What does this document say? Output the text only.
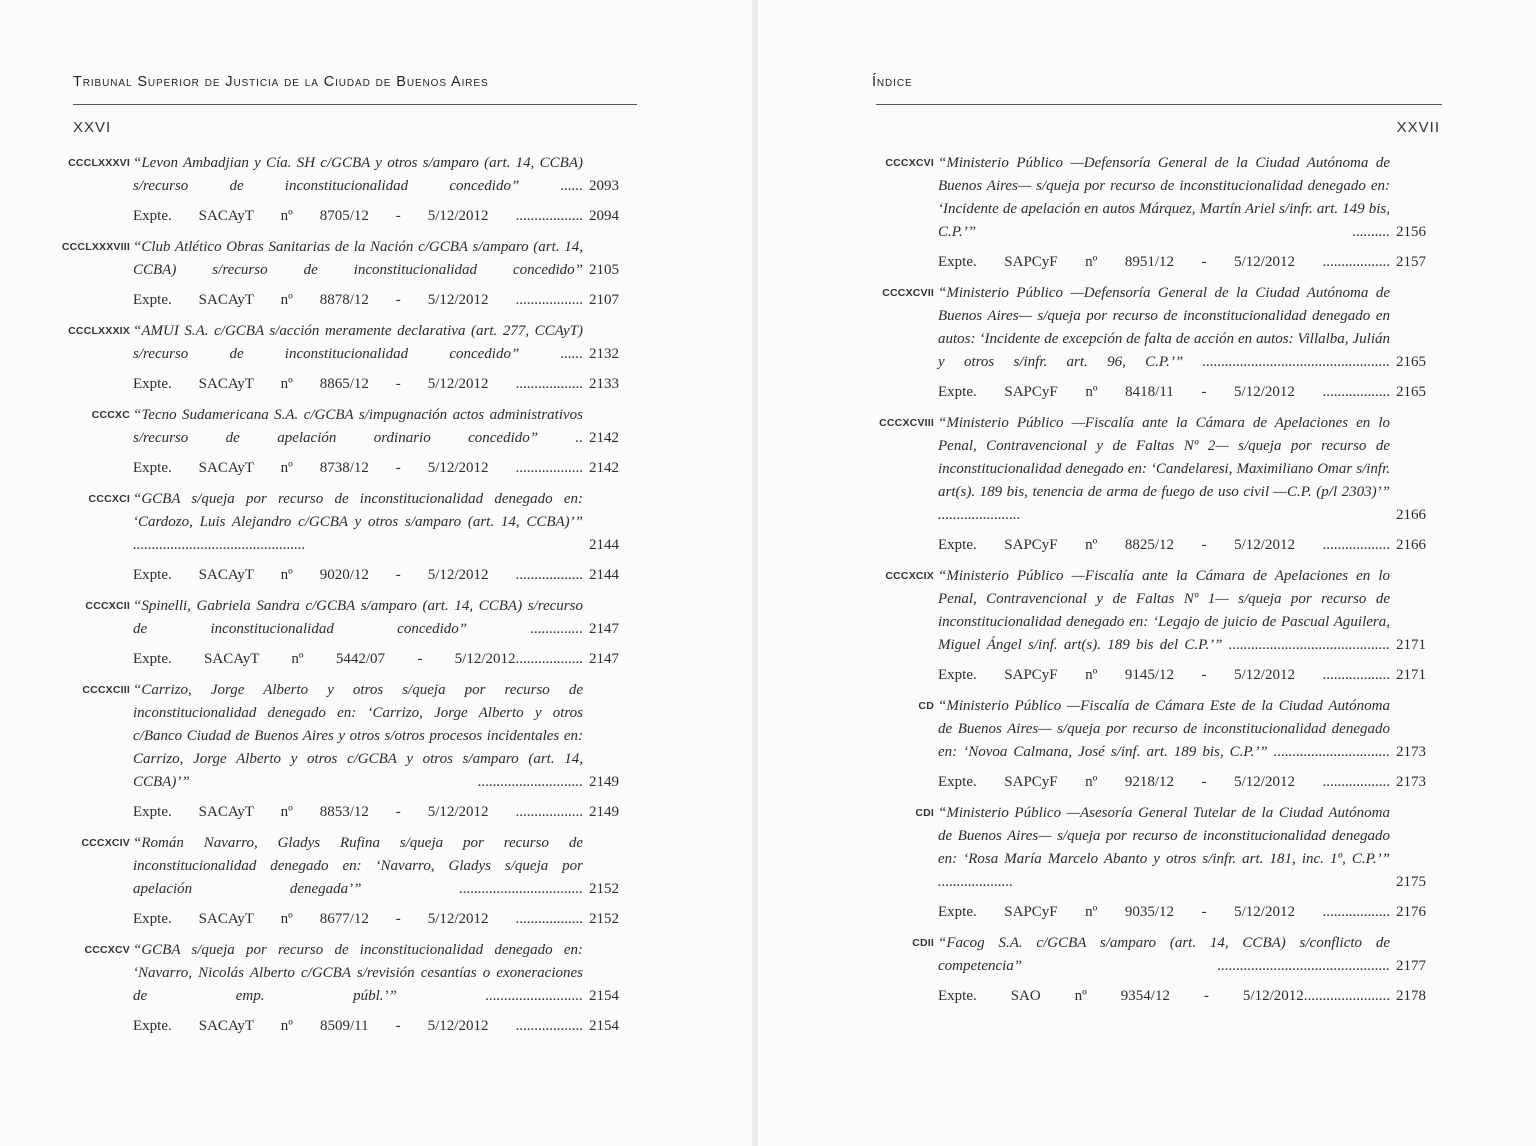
Tribunal Superior de Justicia de la Ciudad de Buenos Aires
XXVI
CCCLXXXVI “Levon Ambadjian y Cía. SH c/GCBA y otros s/amparo (art. 14, CCBA) s/recurso de inconstitucionalidad concedido” ...... 2093
Expte. SACAyT nº 8705/12 - 5/12/2012 .................. 2094
CCCLXXXVIII “Club Atlético Obras Sanitarias de la Nación c/GCBA s/amparo (art. 14, CCBA) s/recurso de inconstitucionalidad concedido” 2105
Expte. SACAyT nº 8878/12 - 5/12/2012 .................. 2107
CCCLXXXIX “AMUI S.A. c/GCBA s/acción meramente declarativa (art. 277, CCAyT) s/recurso de inconstitucionalidad concedido” ...... 2132
Expte. SACAyT nº 8865/12 - 5/12/2012 .................. 2133
CCCXC “Tecno Sudamericana S.A. c/GCBA s/impugnación actos administrativos s/recurso de apelación ordinario concedido” .. 2142
Expte. SACAyT nº 8738/12 - 5/12/2012 .................. 2142
CCCXCI “GCBA s/queja por recurso de inconstitucionalidad denegado en: ‘Cardozo, Luis Alejandro c/GCBA y otros s/amparo (art. 14, CCBA)’” ..............................................	2144
Expte. SACAyT nº 9020/12 - 5/12/2012 .................. 2144
CCCXCII “Spinelli, Gabriela Sandra c/GCBA s/amparo (art. 14, CCBA) s/recurso de inconstitucionalidad concedido” .............. 2147
Expte. SACAyT nº 5442/07 - 5/12/2012.................. 2147
CCCXCIII “Carrizo, Jorge Alberto y otros s/queja por recurso de inconstitucionalidad denegado en: ‘Carrizo, Jorge Alberto y otros c/Banco Ciudad de Buenos Aires y otros s/otros procesos incidentales en: Carrizo, Jorge Alberto y otros c/GCBA y otros s/amparo (art. 14, CCBA)’” ............................ 2149
Expte. SACAyT nº 8853/12 - 5/12/2012 .................. 2149
CCCXCIV “Román Navarro, Gladys Rufina s/queja por recurso de inconstitucionalidad denegado en: ‘Navarro, Gladys s/queja por apelación denegada’” ................................. 2152
Expte. SACAyT nº 8677/12 - 5/12/2012 .................. 2152
CCCXCV “GCBA s/queja por recurso de inconstitucionalidad denegado en: ‘Navarro, Nicolás Alberto c/GCBA s/revisión cesantías o exoneraciones de emp. públ.’” .......................... 2154
Expte. SACAyT nº 8509/11 - 5/12/2012 .................. 2154
Índice
XXVII
CCCXCVI “Ministerio Público —Defensoría General de la Ciudad Autónoma de Buenos Aires— s/queja por recurso de inconstitucionalidad denegado en: ‘Incidente de apelación en autos Márquez, Martín Ariel s/infr. art. 149 bis, C.P.’” .......... 2156
Expte. SAPCyF nº 8951/12 - 5/12/2012 .................. 2157
CCCXCVII “Ministerio Público —Defensoría General de la Ciudad Autónoma de Buenos Aires— s/queja por recurso de inconstitucionalidad denegado en autos: ‘Incidente de excepción de falta de acción en autos: Villalba, Julián y otros s/infr. art. 96, C.P.’” .................................................. 2165
Expte. SAPCyF nº 8418/11 - 5/12/2012 .................. 2165
CCCXCVIII “Ministerio Público —Fiscalía ante la Cámara de Apelaciones en lo Penal, Contravencional y de Faltas Nº 2— s/queja por recurso de inconstitucionalidad denegado en: ‘Candelaresi, Maximiliano Omar s/infr. art(s). 189 bis, tenencia de arma de fuego de uso civil —C.P. (p/l 2303)’” ......................	2166
Expte. SAPCyF nº 8825/12 - 5/12/2012 .................. 2166
CCCXCIX “Ministerio Público —Fiscalía ante la Cámara de Apelaciones en lo Penal, Contravencional y de Faltas Nº 1— s/queja por recurso de inconstitucionalidad denegado en: ‘Legajo de juicio de Pascual Aguilera, Miguel Ángel s/inf. art(s). 189 bis del C.P.’” ........................................... 2171
Expte. SAPCyF nº 9145/12 - 5/12/2012 .................. 2171
CD “Ministerio Público —Fiscalía de Cámara Este de la Ciudad Autónoma de Buenos Aires— s/queja por recurso de inconstitucionalidad denegado en: ‘Novoa Calmana, José s/inf. art. 189 bis, C.P.’” ............................... 2173
Expte. SAPCyF nº 9218/12 - 5/12/2012 .................. 2173
CDI “Ministerio Público —Asesoría General Tutelar de la Ciudad Autónoma de Buenos Aires— s/queja por recurso de inconstitucionalidad denegado en: ‘Rosa María Marcelo Abanto y otros s/infr. art. 181, inc. 1º, C.P.’” ....................	2175
Expte. SAPCyF nº 9035/12 - 5/12/2012 .................. 2176
CDII “Facog S.A. c/GCBA s/amparo (art. 14, CCBA) s/conflicto de competencia” .............................................. 2177
Expte. SAO nº 9354/12 - 5/12/2012....................... 2178
